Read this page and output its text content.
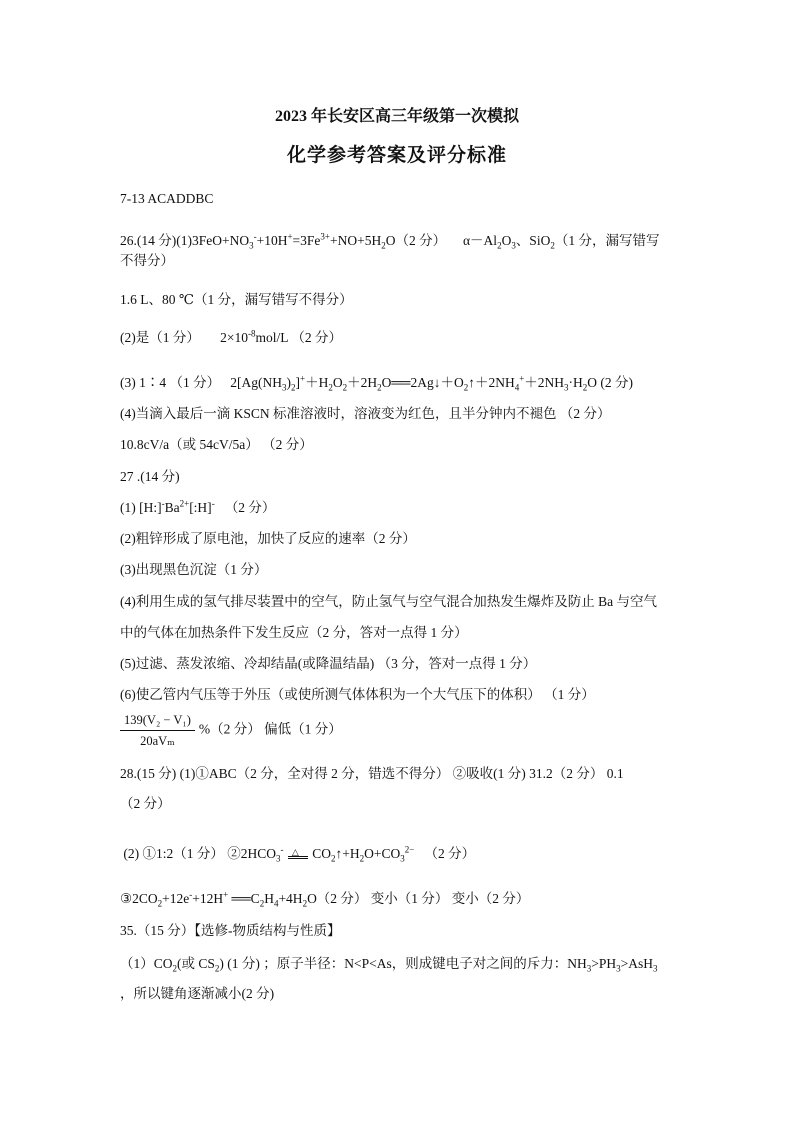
2023 年长安区高三年级第一次模拟
化学参考答案及评分标准
7-13 ACADDBC
26.(14 分)$(1)3FeO+NO_3^-+10H^+=3Fe^{3+}+NO+5H_2O(2$ 分） $\alpha-Al_2O_3$、SiO$_2$（1 分，漏写错写
不得分）
1.6 L、80 ℃（1 分，漏写错写不得分）
(2)是（1 分） $2\times 10^{-8}mol/L$ （2 分）
(3) 1∶4 （1 分） $2[Ag(NH_3)_2]^++H_2O_2+2H_2O══2Ag↓+O_2↑+2NH_4^++2NH_3\cdot H_2O$ (2 分)
(4)当滴入最后一滴 KSCN 标准溶液时，溶液变为红色，且半分钟内不褪色 （2 分）
10.8cV/a（或 54cV/5a） （2 分）
27 .(14 分)
(1) $[H:]^-Ba^{2+}[:H]^-$ （2 分）
(2)粗锌形成了原电池，加快了反应的速率（2 分）
(3)出现黑色沉淀（1 分）
(4)利用生成的氢气排尽装置中的空气，防止氢气与空气混合加热发生爆炸及防止 Ba 与空气
中的气体在加热条件下发生反应（2 分，答对一点得 1 分）
(5)过滤、蒸发浓缩、冷却结晶(或降温结晶) （3 分，答对一点得 1 分）
(6)使乙管内气压等于外压（或使所测气体体积为一个大气压下的体积） （1 分）
$\frac{\text{139(V₂ − V₁)}}{\text{20aVₘ}} \%(2$ 分） 偏低（1 分）
28.(15 分) (1)①ABC（2 分，全对得 2 分，错选不得分） ②吸收(1 分) 31.2（2 分） 0.1
（2 分）
(2) ①1:2（1 分） $②2HCO_3^-$ △ $CO_2↑+H_2O+CO_3^{2-}$ （2 分）
$③2CO_2+12e^-+12H^+$ $══C_2H_4+4H_2O(2$ 分） 变小（1 分） 变小（2 分）
35.（15 分）【选修-物质结构与性质】
$(1)CO_2$(或 $CS_2$) (1 分) ；原子半径：N<P<As，则成键电子对之间的斥力：$NH_3>PH_3>AsH_3$
，所以键角逐渐减小(2 分)
